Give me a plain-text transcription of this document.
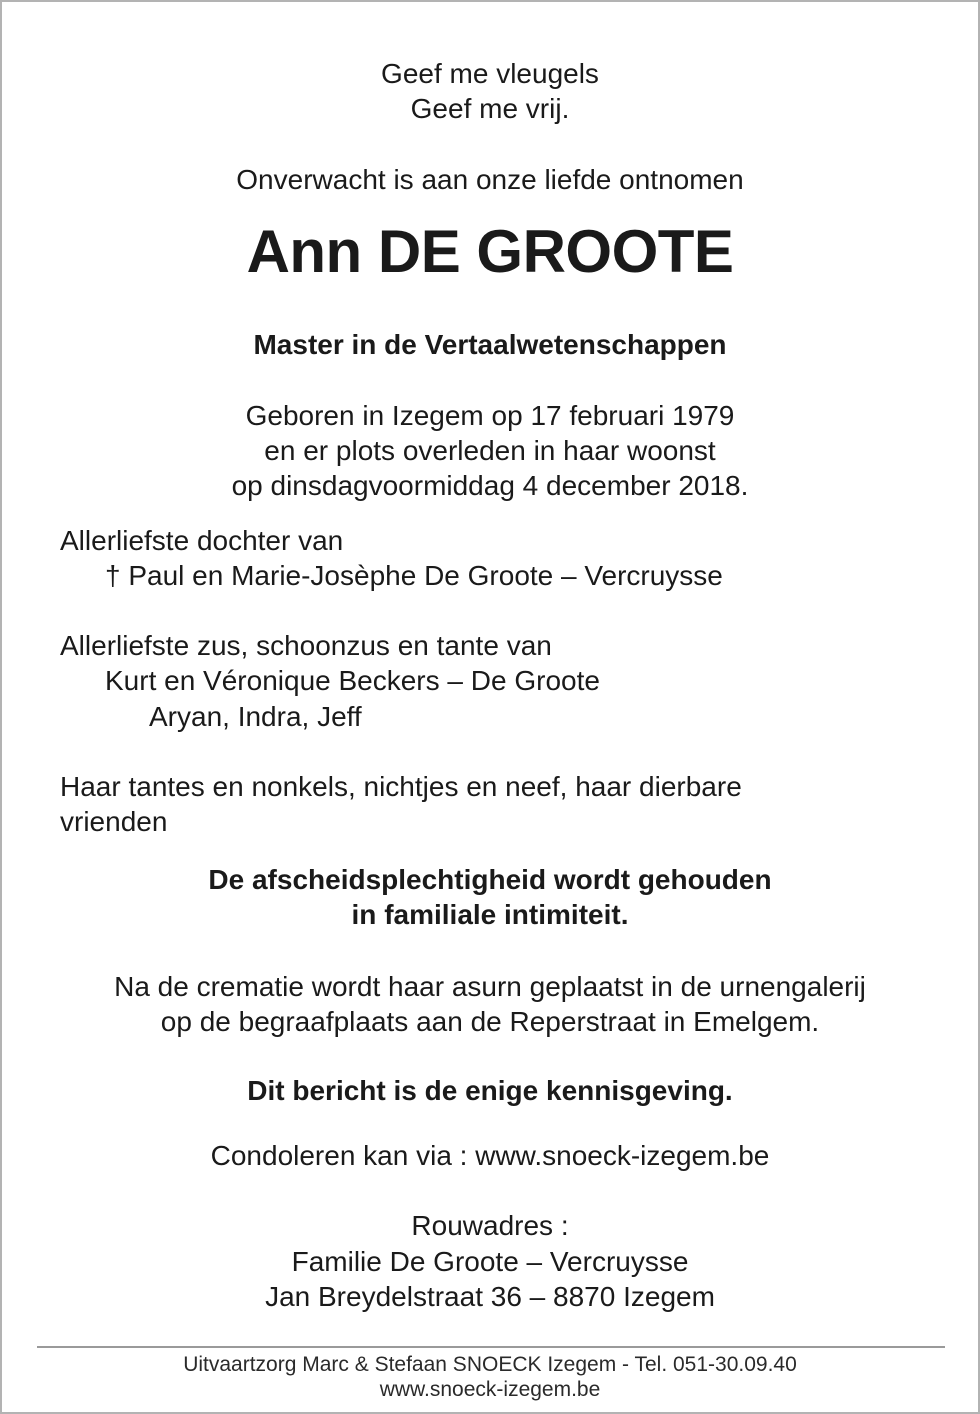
Geef me vleugels
Geef me vrij.
Onverwacht is aan onze liefde ontnomen
Ann DE GROOTE
Master in de Vertaalwetenschappen
Geboren in Izegem op 17 februari 1979
en er plots overleden in haar woonst
op dinsdagvoormiddag 4 december 2018.
Allerliefste dochter van
† Paul en Marie-Josèphe De Groote – Vercruysse
Allerliefste zus, schoonzus en tante van
Kurt en Véronique Beckers – De Groote
Aryan, Indra, Jeff
Haar tantes en nonkels, nichtjes en neef, haar dierbare
vrienden
De afscheidsplechtigheid wordt gehouden
in familiale intimiteit.
Na de crematie wordt haar asurn geplaatst in de urnengalerij
op de begraafplaats aan de Reperstraat in Emelgem.
Dit bericht is de enige kennisgeving.
Condoleren kan via : www.snoeck-izegem.be
Rouwadres :
Familie De Groote – Vercruysse
Jan Breydelstraat 36 – 8870 Izegem
Uitvaartzorg Marc & Stefaan SNOECK Izegem - Tel. 051-30.09.40
www.snoeck-izegem.be
